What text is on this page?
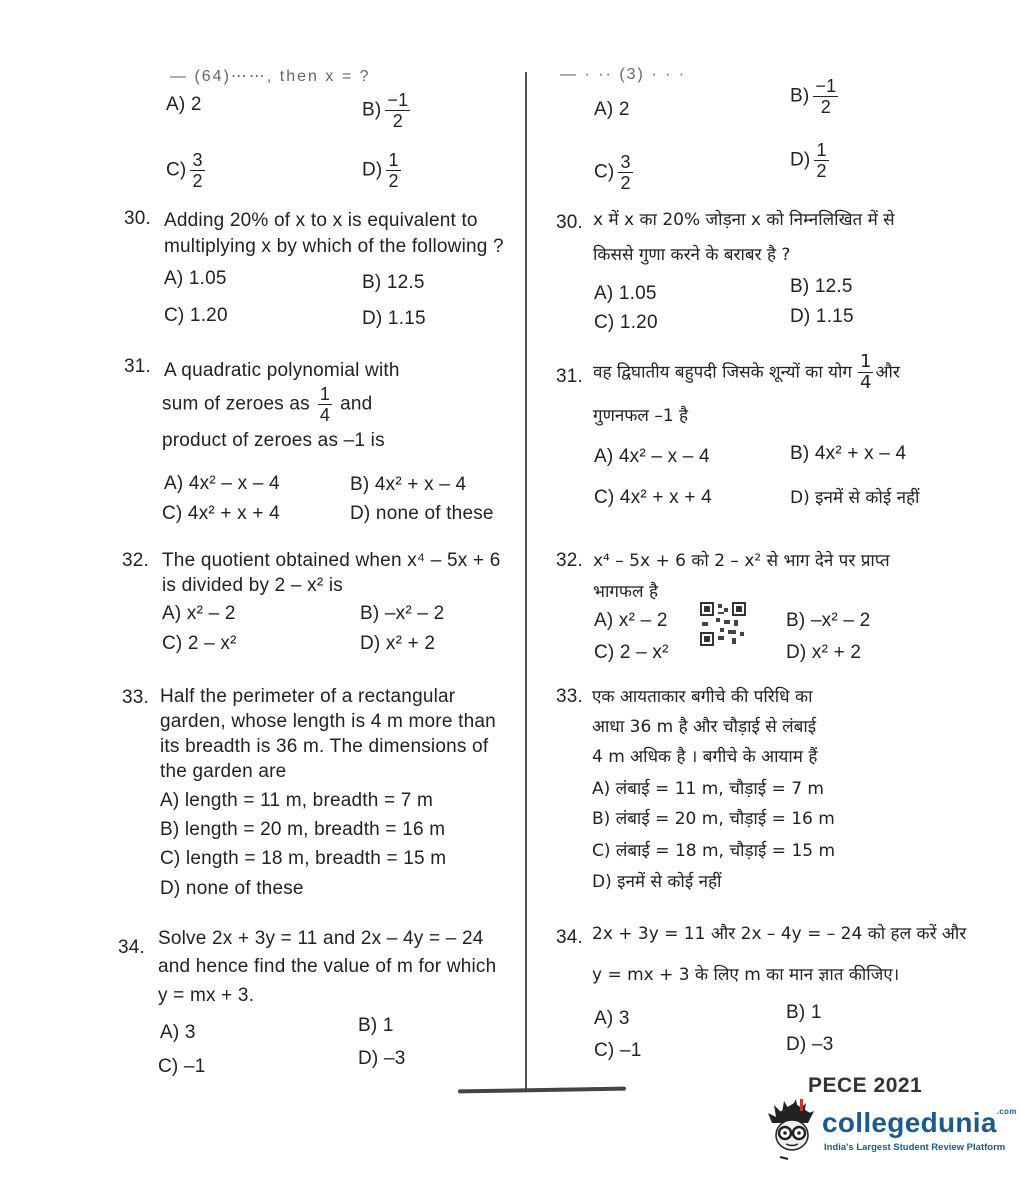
— (64)⋯⋯, then x = ?	— · ·· (3) · · ·
A) 2	$B) \frac{-1}{2}$
$C) \frac{3}{2}$	$D) \frac{1}{2}$
30. Adding 20% of x to x is equivalent to
multiplying x by which of the following ?
A) 1.05	B) 12.5
C) 1.20	D) 1.15
31. A quadratic polynomial with
sum of zeroes as $\frac{1}{4}$ and
product of zeroes as –1 is
A) 4x² – x – 4	B) 4x² + x – 4
C) 4x² + x + 4	D) none of these
32. The quotient obtained when x⁴ – 5x + 6
is divided by 2 – x² is
A) x² – 2	B) –x² – 2
C) 2 – x²	D) x² + 2
33. Half the perimeter of a rectangular
garden, whose length is 4 m more than
its breadth is 36 m. The dimensions of
the garden are
A) length = 11 m, breadth = 7 m
B) length = 20 m, breadth = 16 m
C) length = 18 m, breadth = 15 m
D) none of these
34. Solve 2x + 3y = 11 and 2x – 4y = – 24
and hence find the value of m for which
y = mx + 3.
A) 3	B) 1
C) –1	D) –3
A) 2
$B) \frac{-1}{2}$
$C) \frac{3}{2}$	$D) \frac{1}{2}$
30. x में x का 20% जोड़ना x को निम्नलिखित में से
किससे गुणा करने के बराबर है ?
A) 1.05	B) 12.5
C) 1.20	D) 1.15
31. वह द्विघातीय बहुपदी जिसके शून्यों का योग $\frac{1}{4}$ और
गुणनफल –1 है
A) 4x² – x – 4	B) 4x² + x – 4
C) 4x² + x + 4	D) इनमें से कोई नहीं
32. x⁴ – 5x + 6 को 2 – x² से भाग देने पर प्राप्त
भागफल है
A) x² – 2	B) –x² – 2
C) 2 – x²	D) x² + 2
33. एक आयताकार बगीचे की परिधि का
आधा 36 m है और चौड़ाई से लंबाई
4 m अधिक है । बगीचे के आयाम हैं
A) लंबाई = 11 m, चौड़ाई = 7 m
B) लंबाई = 20 m, चौड़ाई = 16 m
C) लंबाई = 18 m, चौड़ाई = 15 m
D) इनमें से कोई नहीं
34. 2x + 3y = 11 और 2x – 4y = – 24 को हल करें और
y = mx + 3 के लिए m का मान ज्ञात कीजिए।
A) 3	B) 1
C) –1	D) –3
PECE 2021
collegedunia$^{.com}$
India's Largest Student Review Platform
